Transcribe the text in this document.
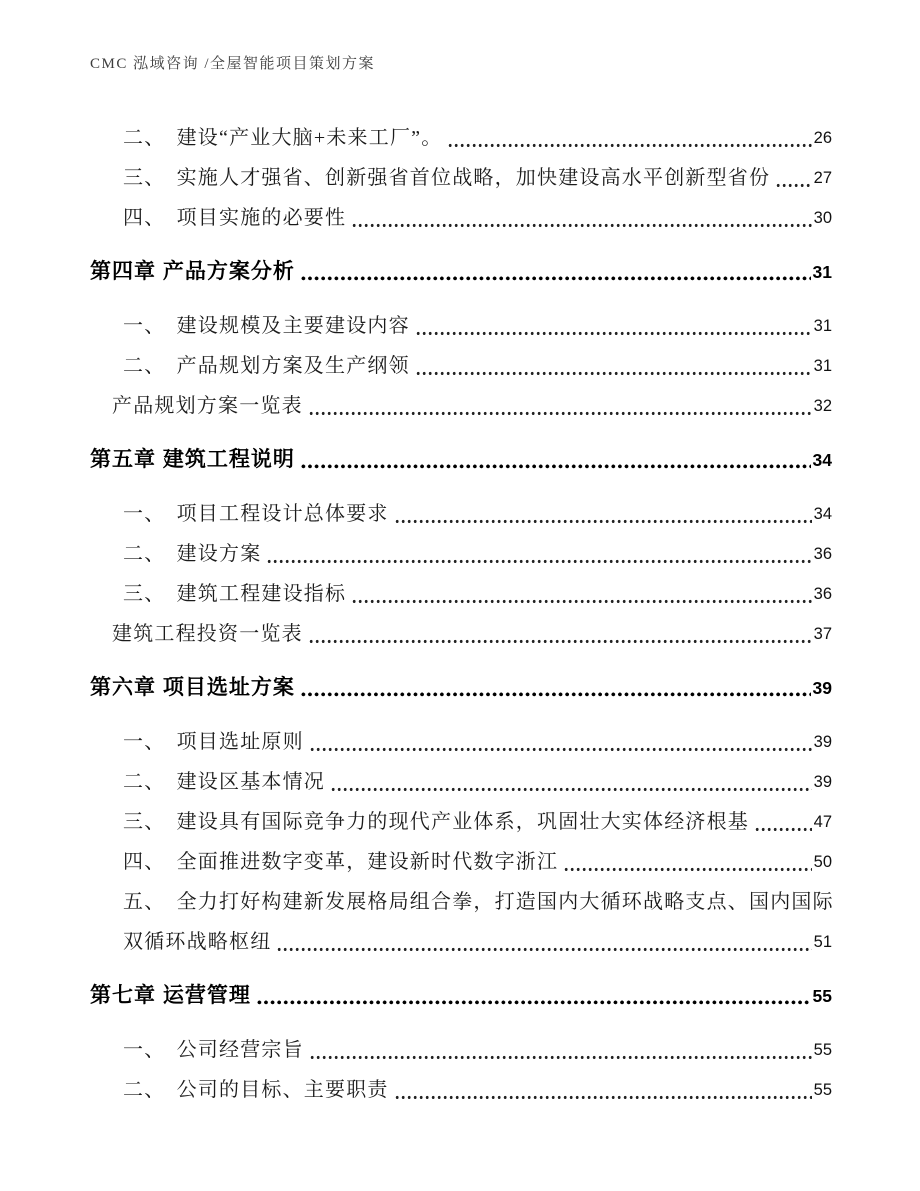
CMC 泓域咨询 /全屋智能项目策划方案
二、　建设“产业大脑+未来工厂”。	26
三、　实施人才强省、创新强省首位战略，加快建设高水平创新型省份	27
四、　项目实施的必要性	30
第四章 产品方案分析	31
一、　建设规模及主要建设内容	31
二、　产品规划方案及生产纲领	31
产品规划方案一览表	32
第五章 建筑工程说明	34
一、　项目工程设计总体要求	34
二、　建设方案	36
三、　建筑工程建设指标	36
建筑工程投资一览表	37
第六章 项目选址方案	39
一、　项目选址原则	39
二、　建设区基本情况	39
三、　建设具有国际竞争力的现代产业体系，巩固壮大实体经济根基	47
四、　全面推进数字变革，建设新时代数字浙江	50
五、　全力打好构建新发展格局组合拳，打造国内大循环战略支点、国内国际
双循环战略枢纽	51
第七章 运营管理	55
一、　公司经营宗旨	55
二、　公司的目标、主要职责	55
